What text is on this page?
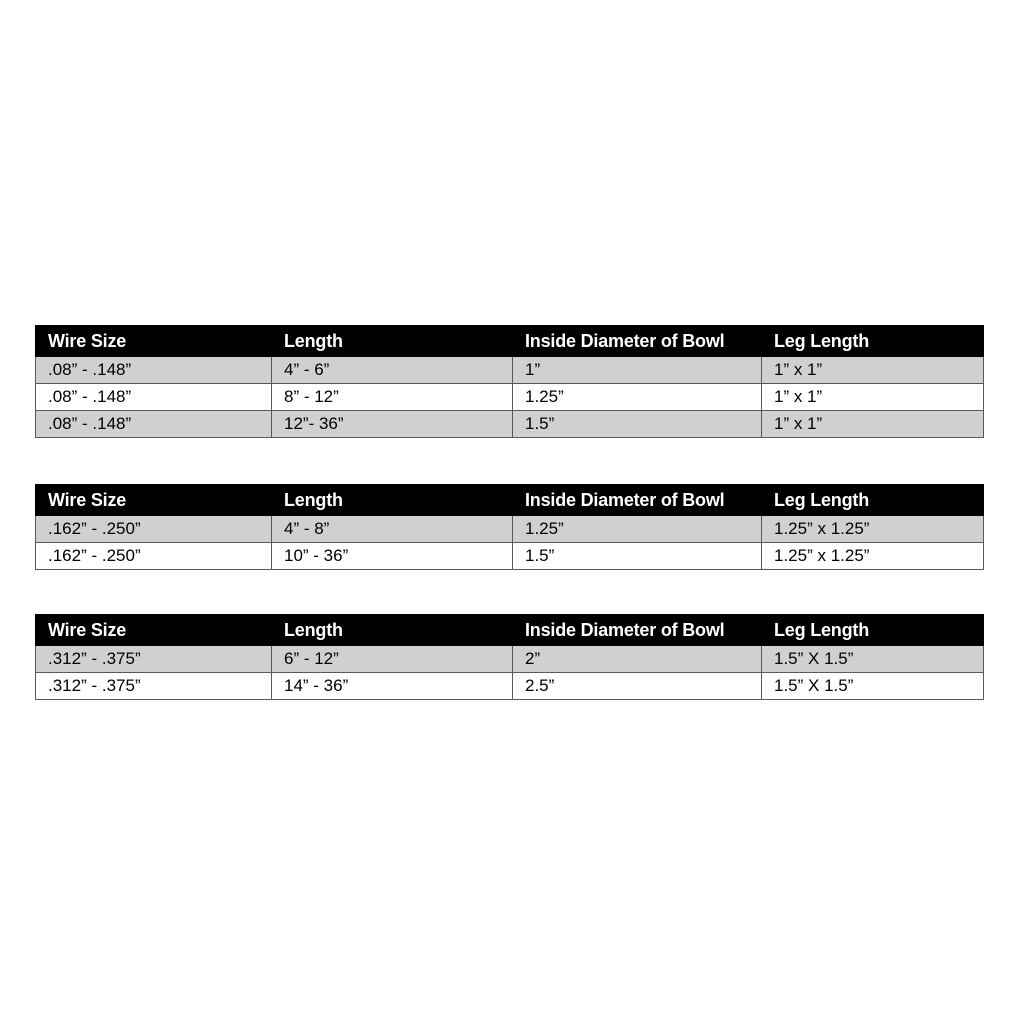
Wire Size	Length	Inside Diameter of Bowl	Leg Length
.08” - .148”	4” - 6”	1”	1” x 1”
.08” - .148”	8” - 12”	1.25”	1” x 1”
.08” - .148”	12”- 36”	1.5”	1” x 1”
Wire Size	Length	Inside Diameter of Bowl	Leg Length
.162” - .250”	4” - 8”	1.25”	1.25” x 1.25”
.162” - .250”	10” - 36”	1.5”	1.25” x 1.25”
Wire Size	Length	Inside Diameter of Bowl	Leg Length
.312” - .375”	6” - 12”	2”	1.5” X 1.5”
.312” - .375”	14” - 36”	2.5”	1.5” X 1.5”
